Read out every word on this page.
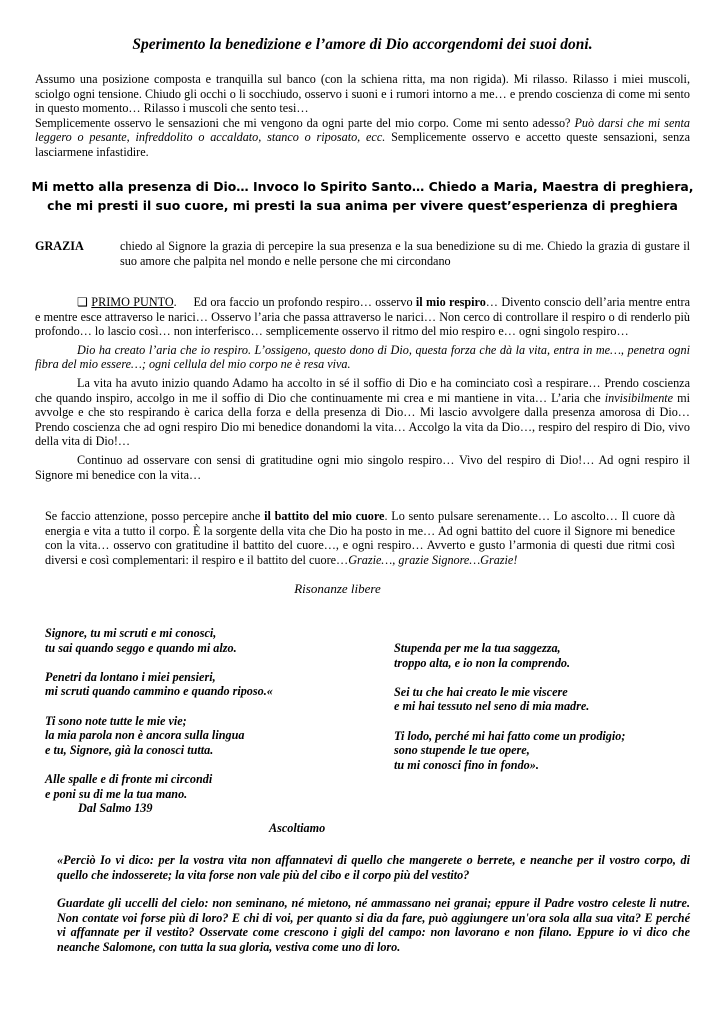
Sperimento la benedizione e l’amore di Dio accorgendomi dei suoi doni.

Assumo una posizione composta e tranquilla sul banco (con la schiena ritta, ma non rigida). Mi rilasso. Rilasso i miei muscoli, sciolgo ogni tensione. Chiudo gli occhi o li socchiudo, osservo i suoni e i rumori intorno a me… e prendo coscienza di come mi sento in questo momento… Rilasso i muscoli che sento tesi…

Semplicemente osservo le sensazioni che mi vengono da ogni parte del mio corpo. Come mi sento adesso? Può darsi che mi senta leggero o pesante, infreddolito o accaldato, stanco o riposato, ecc. Semplicemente osservo e accetto queste sensazioni, senza lasciarmene infastidire.

Mi metto alla presenza di Dio… Invoco lo Spirito Santo… Chiedo a Maria, Maestra di preghiera,
che mi presti il suo cuore, mi presti la sua anima per vivere quest’esperienza di preghiera
GRAZIA	chiedo al Signore la grazia di percepire la sua presenza e la sua benedizione su di me. Chiedo la grazia di gustare il suo amore che palpita nel mondo e nelle persone che mi circondano

❑ PRIMO PUNTO. Ed ora faccio un profondo respiro… osservo il mio respiro… Divento conscio dell’aria mentre entra e mentre esce attraverso le narici… Osservo l’aria che passa attraverso le narici… Non cerco di controllare il respiro o di renderlo più profondo… lo lascio così… non interferisco… semplicemente osservo il ritmo del mio respiro e… ogni singolo respiro…

Dio ha creato l’aria che io respiro. L’ossigeno, questo dono di Dio, questa forza che dà la vita, entra in me…, penetra ogni fibra del mio essere…; ogni cellula del mio corpo ne è resa viva.

La vita ha avuto inizio quando Adamo ha accolto in sé il soffio di Dio e ha cominciato così a respirare… Prendo coscienza che quando inspiro, accolgo in me il soffio di Dio che continuamente mi crea e mi mantiene in vita… L’aria che invisibilmente mi avvolge e che sto respirando è carica della forza e della presenza di Dio… Mi lascio avvolgere dalla presenza amorosa di Dio… Prendo coscienza che ad ogni respiro Dio mi benedice donandomi la vita… Accolgo la vita da Dio…, respiro del respiro di Dio, vivo della vita di Dio!…

Continuo ad osservare con sensi di gratitudine ogni mio singolo respiro… Vivo del respiro di Dio!… Ad ogni respiro il Signore mi benedice con la vita…

Se faccio attenzione, posso percepire anche il battito del mio cuore. Lo sento pulsare serenamente… Lo ascolto… Il cuore dà energia e vita a tutto il corpo. È la sorgente della vita che Dio ha posto in me… Ad ogni battito del cuore il Signore mi benedice con la vita… osservo con gratitudine il battito del cuore…, e ogni respiro… Avverto e gusto l’armonia di questi due ritmi così diversi e così complementari: il respiro e il battito del cuore…Grazie…, grazie Signore…Grazie!

Risonanze libere

Signore, tu mi scruti e mi conosci,

tu sai quando seggo e quando mi alzo.

Penetri da lontano i miei pensieri,

mi scruti quando cammino e quando riposo.«

Ti sono note tutte le mie vie;

la mia parola non è ancora sulla lingua

e tu, Signore, già la conosci tutta.

Alle spalle e di fronte mi circondi

e poni su di me la tua mano.

Dal Salmo 139

Stupenda per me la tua saggezza,

troppo alta, e io non la comprendo.

Sei tu che hai creato le mie viscere

e mi hai tessuto nel seno di mia madre.

Ti lodo, perché mi hai fatto come un prodigio;

sono stupende le tue opere,

tu mi conosci fino in fondo».

Ascoltiamo

«Perciò Io vi dico: per la vostra vita non affannatevi di quello che mangerete o berrete, e neanche per il vostro corpo, di quello che indosserete; la vita forse non vale più del cibo e il corpo più del vestito?

Guardate gli uccelli del cielo: non seminano, né mietono, né ammassano nei granai; eppure il Padre vostro celeste li nutre. Non contate voi forse più di loro? E chi di voi, per quanto si dia da fare, può aggiungere un'ora sola alla sua vita? E perché vi affannate per il vestito? Osservate come crescono i gigli del campo: non lavorano e non filano. Eppure io vi dico che neanche Salomone, con tutta la sua gloria, vestiva come uno di loro.
